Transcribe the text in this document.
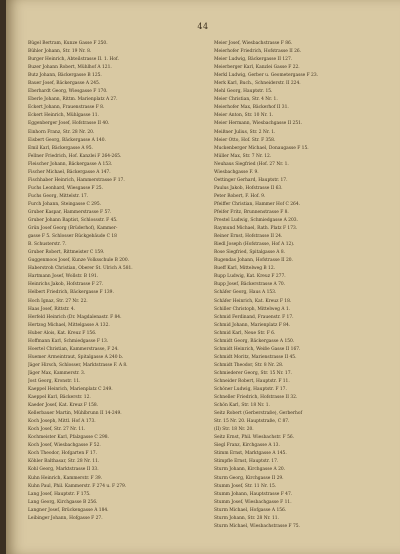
44
Bügel Bertram, Kunze Gasse F 250.
Bühler Johann, Str. 19 Nr. 8.
Burger Heinrich, Abteilstrasse II. 1. Hof.
Buzer Johann Robert, Mühlhof A 121.
Butz Johann, Bäckergasse B 125.
Bauer Josef, Bäckergasse A 245.
Eberhardt Georg, Wiesgasse F 170.
Eberle Johann, Rittm. Marienplatz A 27.
Eckert Johann, Frauenstrasse F 8.
Eckert Heinrich, Mühlgasse 11.
Eggenberger Josef, Hofstrasse II 40.
Einhorn Franz, Str. 28 Nr. 20.
Eisbert Georg, Bäckergasse A 140.
Emil Karl, Bäckergasse A 95.
Fellner Friedrich, Hof. Kanzlei F 264-265.
Fleischer Johann, Bäckergasse A 153.
Fischer Michael, Bäckergasse A 147.
Fischhaber Heinrich, Hammerstrasse F 17.
Fuchs Leonhard, Wiesgasse F 25.
Fuchs Georg, Mittelstr. 17.
Furch Johann, Steingasse C 295.
Gruber Kaspar, Hammerstrasse F 57.
Gruber Johann Baptist, Schlossstr. F 45.
Grün Josef Georg (Brüderhof), Kammer-
gasse F 5. Schlosser Rückgebäude C 18
B. Schusterstr. 7.
Gruber Robert, Rittmeister C 159.
Guggenmoos Josef, Kunze Volksschule B 200.
Haberstroh Christian, Oberer St. Ulrich A 581.
Hartmann Josef, Wollstr. B 191.
Heinrichs Jakob, Hofstrasse F 27.
Helbert Friedrich, Bäckergasse F 139.
Hoch Ignaz, Str. 27 Nr. 22.
Haas Josef, Rittstr. 4.
Herfeld Heinrich (Dr. Magdalenastr. F 84.
Hertzog Michael, Mittelgasse A 132.
Huber Alois, Kat. Kreuz F 156.
Hoffmann Karl, Schmiedgasse F 13.
Hoertel Christian, Kammerstrasse, F 24.
Huemer Armeintraut, Spitalgasse A 240 b.
Jäger Hirsch, Schlosser, Marktstrasse F. A 8.
Jäger Max, Kammerstr. 3.
Jost Georg, Kronstr. 11.
Kaeppel Heinrich, Marienplatz C 249.
Kaeppel Karl, Bäckerstr. 12.
Kaeder Josef, Kat. Kreuz F 158.
Kellerbauer Martin, Mühlbrunn II 14-249.
Koch Joseph, Mittl. Hof A 173.
Koch Josef, Str. 27 Nr. 11.
Kochmeister Karl, Pfalzgasse C 298.
Koch Josef, Wiesbachgasse F 52.
Koch Theodor, Hofgarten F 17.
Köhler Balthasar, Str. 28 Nr. 11.
Kohl Georg, Marktstrasse II 33.
Kuhn Heinrich, Kammerstr. F 39.
Kuhn Paul, Phil. Kammerstr. F 274 u. F 279.
Lang Josef, Hauptstr. F 175.
Lang Georg, Kirchgasse B 256.
Langner Josef, Brückengasse A 184.
Leibinger Johann, Hofgasse F 27.
Meier Josef, Wiesbachstrasse F 86.
Meierhofer Friedrich, Hofstrasse II 26.
Meier Ludwig, Bäckergasse II 127.
Meierberger Karl, Kanzlei Gasse F 22.
Merkl Ludwig, Gerber u. Geometergasse F 23.
Merk Karl, Buch., Schneiderstr. II 224.
Mehl Georg, Hauptstr. 15.
Meier Christian, Str. 4 Nr. 1.
Meierhofer Max, Bäckerhof II 31.
Meier Anton, Str. 10 Nr. 1.
Meier Hermann, Wiesbachgasse II 251.
Meißner Julius, Str. 2 Nr. 1.
Meier Otto, Hof. Str. F 358.
Muckenberger Michael, Donaugasse F 15.
Müller Max, Str. 7 Nr. 12.
Neuhaus Siegfried (Hof. 27 Nr. 1.
Wiesbachgasse F. 9.
Oettinger Gerhard, Hauptstr. 17.
Paulus Jakob, Hofstrasse II 63.
Peter Robert, F. Hof. 9.
Pfeiffer Christian, Hammer Hof C 264.
Pfeifer Fritz, Brunnenstrasse F 8.
Prestel Ludwig, Schmiedgasse A 203.
Raymund Michael, Rath. Platz F 173.
Reiner Ernst, Hofstrasse II 24.
Riedl Joseph (Hofstrasse, Hof A 12).
Rose Siegfried, Spitalgasse A 8.
Rugendas Johann, Hofstrasse II 20.
Rueff Karl, Mittelweg B 12.
Rupp Ludwig, Kat. Kreuz F 277.
Rupp Josef, Bäckerstrasse A 70.
Schäfer Georg, Haus A 153.
Schäfer Heinrich, Kat. Kreuz F 18.
Schiller Christoph, Mittelweg A 1.
Schmid Ferdinand, Frauenstr. F 17.
Schmid Johann, Marienplatz F 84.
Schmid Karl, Neue Str. F 6.
Schmidt Georg, Bäckergasse A 150.
Schmidt Heinrich, Weiße Gasse II 167.
Schmidt Moritz, Marienstrasse II 45.
Schmidt Theodor, Str. 8 Nr. 28.
Schmiederer Georg, Str. 15 Nr. 17.
Schneider Robert, Hauptstr. F 11.
Schöner Ludwig, Hauptstr. F 17.
Schneller Friedrich, Hofstrasse II 32.
Schön Karl, Str. 18 Nr. 1.
Seitz Robert (Gerberstraße), Gerberhof
Str. 15 Nr. 20. Hauptstraße, C 87.
(II) Str. 18 Nr. 20.
Seitz Ernst, Phil. Wiesbachstr. F 56.
Siegl Franz, Kirchgasse A 13.
Stimm Ernst, Marktgasse A 145.
Stimpfle Ernst, Hauptstr. 17.
Sturm Johann, Kirchgasse A 20.
Sturm Georg, Kirchgasse II 29.
Stumm Josef, Str. 11 Nr. 15.
Stumm Johann, Hauptstrasse F 47.
Stumm Josef, Wiesbachgasse F 11.
Sturm Michael, Hofgasse A 156.
Sturm Johann, Str. 28 Nr. 11.
Sturm Michael, Wiesbachstrasse F 75.
